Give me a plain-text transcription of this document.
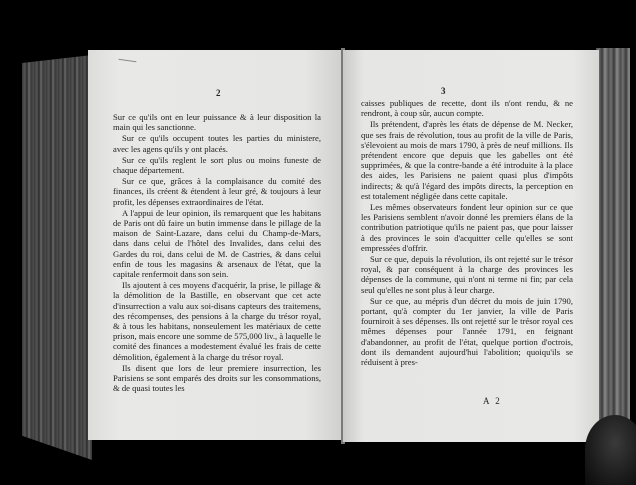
2

Sur ce qu'ils ont en leur puissance & à leur disposition la main qui les sanctionne.

Sur ce qu'ils occupent toutes les parties du ministere, avec les agens qu'ils y ont placés.

Sur ce qu'ils reglent le sort plus ou moins funeste de chaque département.

Sur ce que, grâces à la complaisance du comité des finances, ils créent & étendent à leur gré, & toujours à leur profit, les dépenses extraordinaires de l'état.

A l'appui de leur opinion, ils remarquent que les habitans de Paris ont dû faire un butin immense dans le pillage de la maison de Saint-Lazare, dans celui du Champ-de-Mars, dans dans celui de l'hôtel des Invalides, dans celui des Gardes du roi, dans celui de M. de Castries, & dans celui enfin de tous les magasins & arsenaux de l'état, que la capitale renfermoit dans son sein.

Ils ajoutent à ces moyens d'acquérir, la prise, le pillage & la démolition de la Bastille, en observant que cet acte d'insurrection a valu aux soi-disans capteurs des traitemens, des récompenses, des pensions à la charge du trésor royal, & à tous les habitans, nonseulement les matériaux de cette prison, mais encore une somme de 575,000 liv., à laquelle le comité des finances a modestement évalué les frais de cette démolition, également à la charge du trésor royal.

Ils disent que lors de leur premiere insurrection, les Parisiens se sont emparés des droits sur les consommations, & de quasi toutes les

3

caisses publiques de recette, dont ils n'ont rendu, & ne rendront, à coup sûr, aucun compte.

Ils prétendent, d'après les états de dépense de M. Necker, que ses frais de révolution, tous au profit de la ville de Paris, s'élevoient au mois de mars 1790, à près de neuf millions. Ils prétendent encore que depuis que les gabelles ont été supprimées, & que la contre-bande a été introduite à la place des aides, les Parisiens ne paient quasi plus d'impôts indirects; & qu'à l'égard des impôts directs, la perception en est totalement négligée dans cette capitale.

Les mêmes observateurs fondent leur opinion sur ce que les Parisiens semblent n'avoir donné les premiers élans de la contribution patriotique qu'ils ne paient pas, que pour laisser à des provinces le soin d'acquitter celle qu'elles se sont empressées d'offrir.

Sur ce que, depuis la révolution, ils ont rejetté sur le trésor royal, & par conséquent à la charge des provinces les dépenses de la commune, qui n'ont ni terme ni fin; par cela seul qu'elles ne sont plus à leur charge.

Sur ce que, au mépris d'un décret du mois de juin 1790, portant, qu'à compter du 1er janvier, la ville de Paris fourniroit à ses dépenses. Ils ont rejetté sur le trésor royal ces mêmes dépenses pour l'année 1791, en feignant d'abandonner, au profit de l'état, quelque portion d'octrois, dont ils demandent aujourd'hui l'abolition; quoiqu'ils se réduisent à pres-

A 2
